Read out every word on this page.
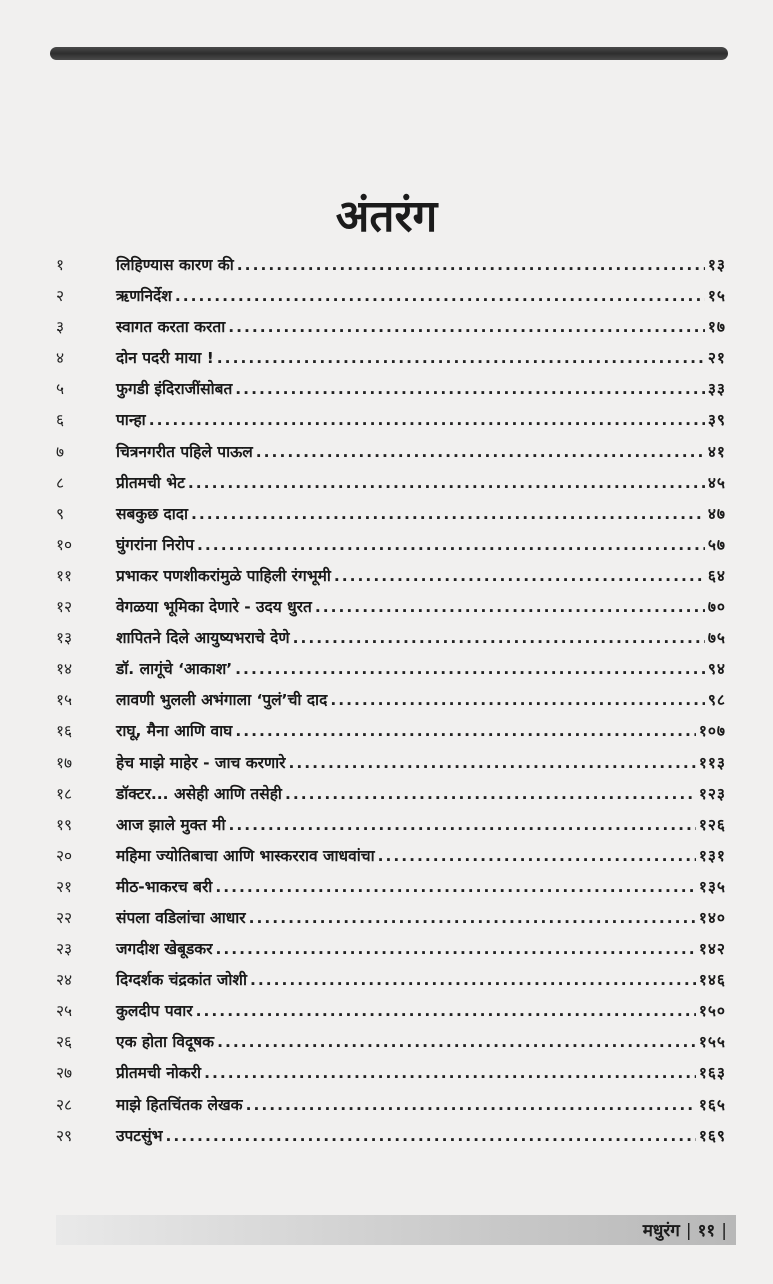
अंतरंग
१	लिहिण्यास कारण की .....	१३
२	ऋणनिर्देश .....	१५
३	स्वागत करता करता .....	१७
४	दोन पदरी माया ! .....	२१
५	फुगडी इंदिराजींसोबत .....	३३
६	पान्हा .....	३९
७	चित्रनगरीत पहिले पाऊल .....	४१
८	प्रीतमची भेट .....	४५
९	सबकुछ दादा .....	४७
१०	घुंगरांना निरोप .....	५७
११	प्रभाकर पणशीकरांमुळे पाहिली रंगभूमी .....	६४
१२	वेगळया भूमिका देणारे - उदय धुरत .....	७०
१३	शापितने दिले आयुष्यभराचे देणे .....	७५
१४	डॉ. लागूंचे ‘आकाश’ .....	९४
१५	लावणी भुलली अभंगाला ‘पुलं’ची दाद .....	९८
१६	राघू, मैना आणि वाघ .....	१०७
१७	हेच माझे माहेर - जाच करणारे .....	११३
१८	डॉक्टर... असेही आणि तसेही .....	१२३
१९	आज झाले मुक्त मी .....	१२६
२०	महिमा ज्योतिबाचा आणि भास्करराव जाधवांचा .....	१३१
२१	मीठ-भाकरच बरी .....	१३५
२२	संपला वडिलांचा आधार .....	१४०
२३	जगदीश खेबूडकर .....	१४२
२४	दिग्दर्शक चंद्रकांत जोशी .....	१४६
२५	कुलदीप पवार .....	१५०
२६	एक होता विदूषक .....	१५५
२७	प्रीतमची नोकरी .....	१६३
२८	माझे हितचिंतक लेखक .....	१६५
२९	उपटसुंभ .....	१६९
मधुरंग | ११ |
